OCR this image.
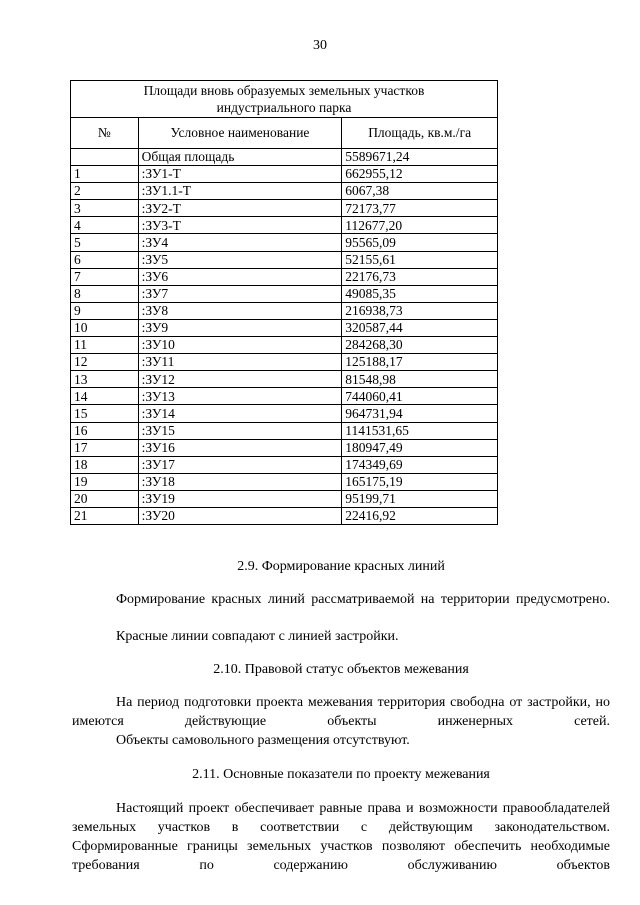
30
Площади вновь образуемых земельных участков
индустриального парка		
№	Условное наименование	Площадь, кв.м./га
	Общая площадь	5589671,24
1	:ЗУ1-Т	662955,12
2	:ЗУ1.1-Т	6067,38
3	:ЗУ2-Т	72173,77
4	:ЗУ3-Т	112677,20
5	:ЗУ4	95565,09
6	:ЗУ5	52155,61
7	:ЗУ6	22176,73
8	:ЗУ7	49085,35
9	:ЗУ8	216938,73
10	:ЗУ9	320587,44
11	:ЗУ10	284268,30
12	:ЗУ11	125188,17
13	:ЗУ12	81548,98
14	:ЗУ13	744060,41
15	:ЗУ14	964731,94
16	:ЗУ15	1141531,65
17	:ЗУ16	180947,49
18	:ЗУ17	174349,69
19	:ЗУ18	165175,19
20	:ЗУ19	95199,71
21	:ЗУ20	22416,92
2.9. Формирование красных линий
Формирование красных линий рассматриваемой на территории предусмотрено.
Красные линии совпадают с линией застройки.
2.10. Правовой статус объектов межевания
На период подготовки проекта межевания территория свободна от застройки, но имеются действующие объекты инженерных сетей.
Объекты самовольного размещения отсутствуют.
2.11. Основные показатели по проекту межевания
Настоящий проект обеспечивает равные права и возможности правообладателей земельных участков в соответствии с действующим законодательством. Сформированные границы земельных участков позволяют обеспечить необходимые требования по содержанию обслуживанию объектов
